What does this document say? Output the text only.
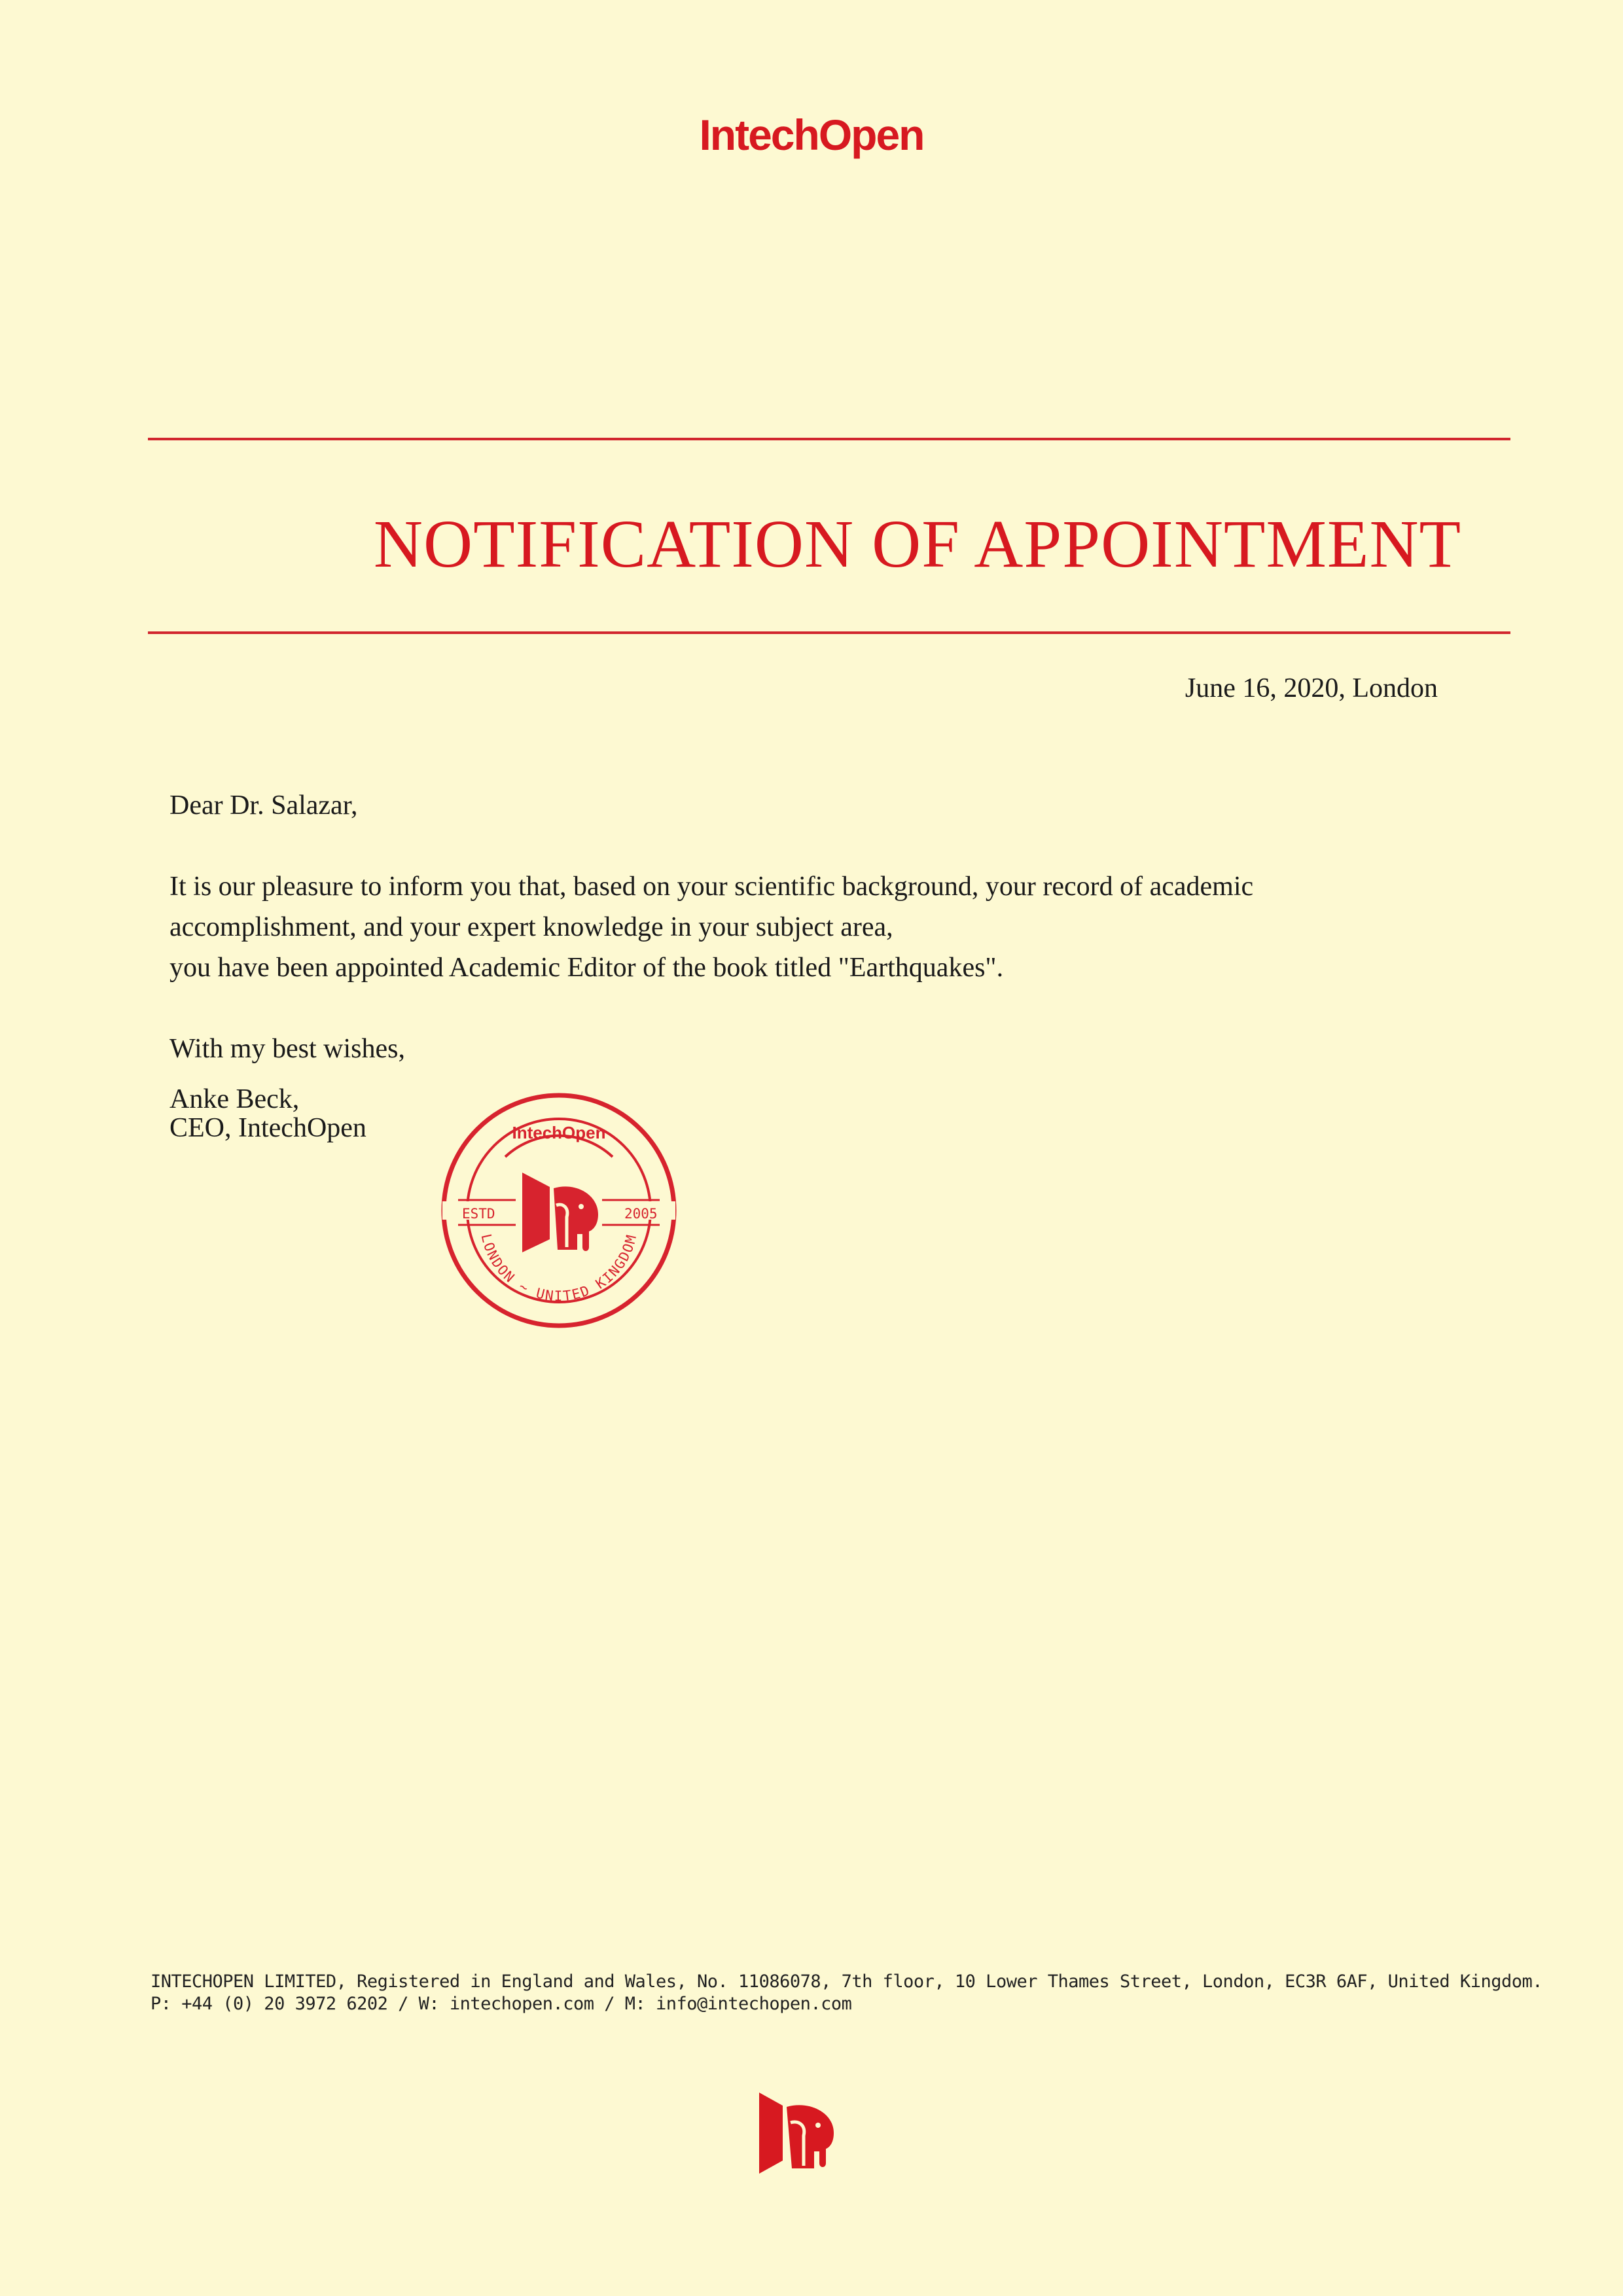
IntechOpen
NOTIFICATION OF APPOINTMENT
June 16, 2020, London

Dear Dr. Salazar,

It is our pleasure to inform you that, based on your scientific background, your record of academic

accomplishment, and your expert knowledge in your subject area,

you have been appointed Academic Editor of the book titled "Earthquakes".

With my best wishes,

Anke Beck,

CEO, IntechOpen	IntechOpen
ESTD	2005
LONDON ~ UNITED KINGDOM

INTECHOPEN LIMITED, Registered in England and Wales, No. 11086078, 7th floor, 10 Lower Thames Street, London, EC3R 6AF, United Kingdom.

P: +44 (0) 20 3972 6202 / W: intechopen.com / M: info@intechopen.com
